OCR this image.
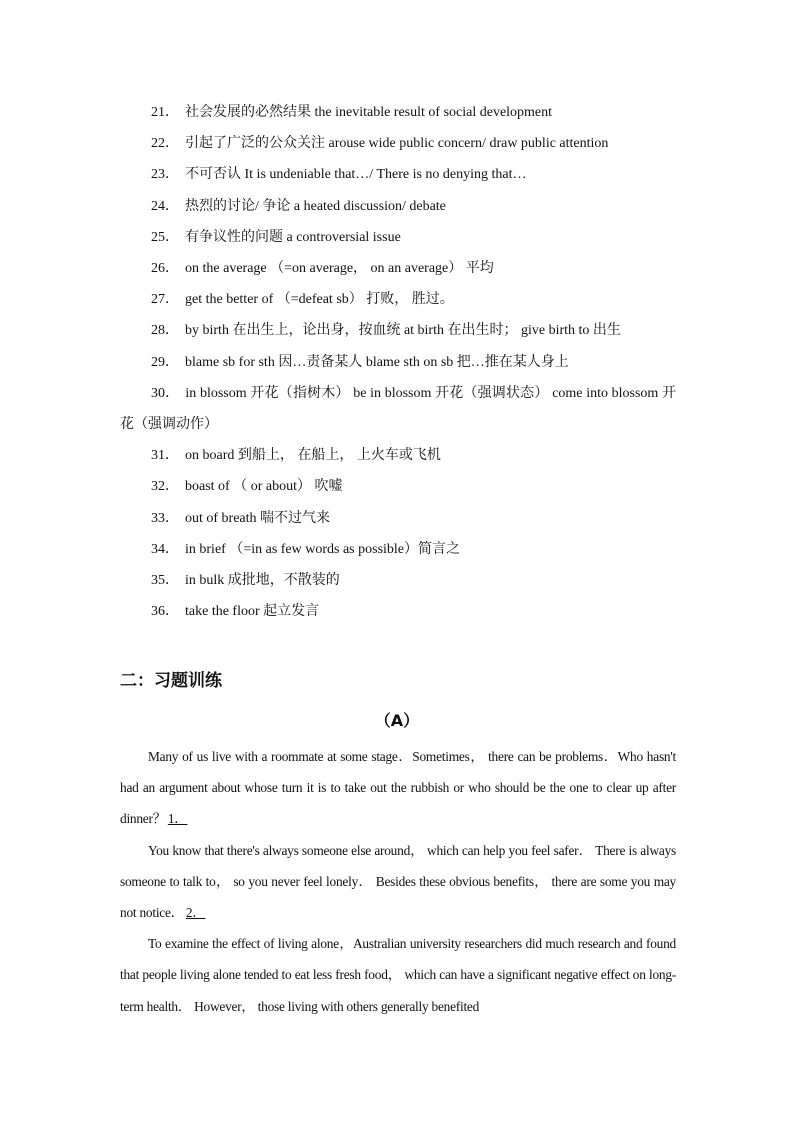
21． 社会发展的必然结果 the inevitable result of social development
22． 引起了广泛的公众关注 arouse wide public concern/ draw public attention
23． 不可否认 It is undeniable that…/ There is no denying that…
24． 热烈的讨论/ 争论 a heated discussion/ debate
25． 有争议性的问题 a controversial issue
26． on the average （=on average， on an average） 平均
27． get the better of （=defeat sb） 打败， 胜过。
28． by birth 在出生上，论出身，按血统 at birth 在出生时； give birth to 出生
29． blame sb for sth 因…责备某人 blame sth on sb 把…推在某人身上
30． in blossom 开花（指树木） be in blossom 开花（强调状态） come into blossom 开花（强调动作）
31． on board 到船上， 在船上， 上火车或飞机
32． boast of （ or about） 吹嘘
33． out of breath 喘不过气来
34． in brief （=in as few words as possible）简言之
35． in bulk 成批地，不散装的
36． take the floor 起立发言
二：习题训练
（A）

Many of us live with a roommate at some stage．Sometimes， there can be problems．Who hasn't had an argument about whose turn it is to take out the rubbish or who should be the one to clear up after dinner？ 1．

You know that there's always someone else around， which can help you feel safer． There is always someone to talk to， so you never feel lonely． Besides these obvious benefits， there are some you may not notice． 2．

To examine the effect of living alone，Australian university researchers did much research and found that people living alone tended to eat less fresh food， which can have a significant negative effect on long-term health． However， those living with others generally benefited
